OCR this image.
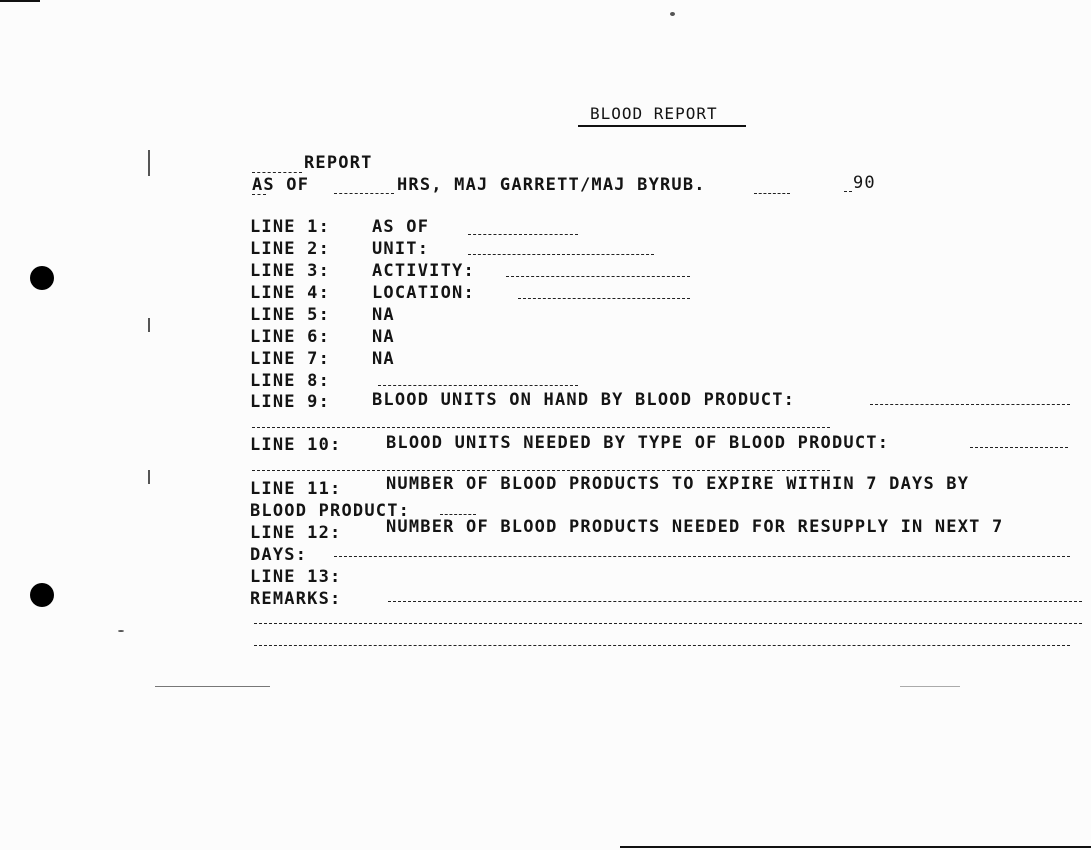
BLOOD REPORT
REPORT
AS OF	HRS, MAJ GARRETT/MAJ BYRUB.	90
LINE 1: AS OF
LINE 2: UNIT:
LINE 3: ACTIVITY:
LINE 4: LOCATION:
LINE 5: NA
LINE 6: NA
LINE 7: NA
LINE 8:
LINE 9: BLOOD UNITS ON HAND BY BLOOD PRODUCT:
LINE 10:	BLOOD UNITS NEEDED BY TYPE OF BLOOD PRODUCT:
LINE 11:	NUMBER OF BLOOD PRODUCTS TO EXPIRE WITHIN 7 DAYS BY
BLOOD PRODUCT:
LINE 12:	NUMBER OF BLOOD PRODUCTS NEEDED FOR RESUPPLY IN NEXT 7
DAYS:
LINE 13:
REMARKS:
